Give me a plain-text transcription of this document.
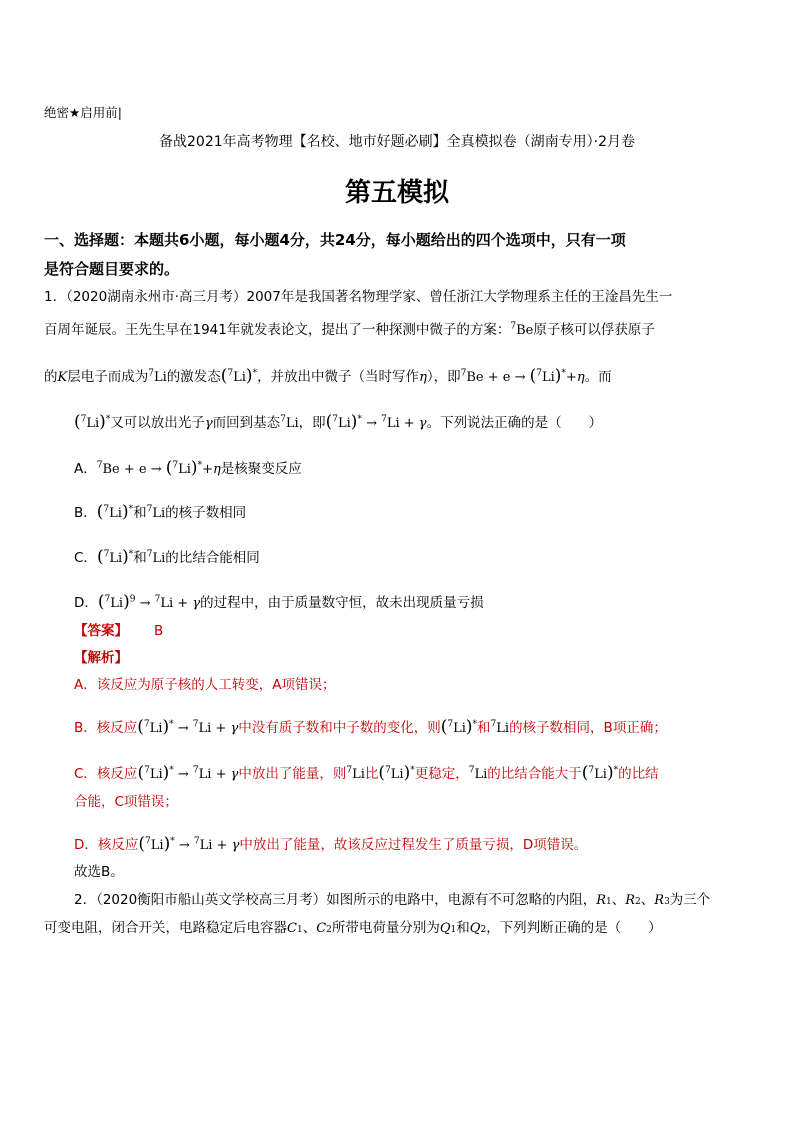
绝密★启用前|
备战2021年高考物理【名校、地市好题必刷】全真模拟卷（湖南专用）·2月卷
第五模拟
一、选择题：本题共6小题，每小题4分，共24分，每小题给出的四个选项中，只有一项
是符合题目要求的。
1．（2020湖南永州市·高三月考）2007年是我国著名物理学家、曾任浙江大学物理系主任的王淦昌先生一
百周年诞辰。王先生早在1941年就发表论文，提出了一种探测中微子的方案：$^7$Be原子核可以俘获原子
的K层电子而成为$^7$Li的激发态($^7$Li)*，并放出中微子（当时写作η），即$^7$Be + e → ($^7$Li)*+η。而
($^7$Li)*又可以放出光子γ而回到基态$^7$Li，即($^7$Li)* → $^7$Li + γ。下列说法正确的是（　　）
A．$^7$Be + e → ($^7$Li)*+η是核聚变反应
B．($^7$Li)*和$^7$Li的核子数相同
C．($^7$Li)*和$^7$Li的比结合能相同
D．$(^7Li)^9 \to ^7Li + \gamma$的过程中，由于质量数守恒，故未出现质量亏损
【答案】 B
【解析】
A．该反应为原子核的人工转变，A项错误；
B．核反应($^7$Li)* → $^7$Li + γ中没有质子数和中子数的变化，则($^7$Li)*和$^7$Li的核子数相同，B项正确；
C．核反应($^7$Li)* → $^7$Li + γ中放出了能量，则$^7$Li比($^7$Li)*更稳定，$^7$Li的比结合能大于($^7$Li)*的比结
合能，C项错误；
D．核反应($^7$Li)* → $^7$Li + γ中放出了能量，故该反应过程发生了质量亏损，D项错误。
故选B。
2．（2020衡阳市船山英文学校高三月考）如图所示的电路中，电源有不可忽略的内阻，R1、R2、R3为三个
可变电阻，闭合开关，电路稳定后电容器C1、C2所带电荷量分别为Q1和Q2，下列判断正确的是（　　）
